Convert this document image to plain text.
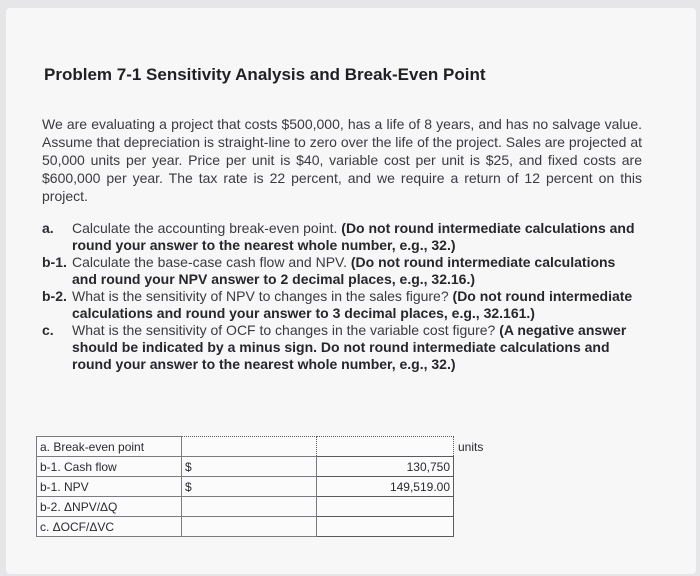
Problem 7-1 Sensitivity Analysis and Break-Even Point
We are evaluating a project that costs $500,000, has a life of 8 years, and has no salvage value. Assume that depreciation is straight-line to zero over the life of the project. Sales are projected at 50,000 units per year. Price per unit is $40, variable cost per unit is $25, and fixed costs are $600,000 per year. The tax rate is 22 percent, and we require a return of 12 percent on this project.
a. Calculate the accounting break-even point. (Do not round intermediate calculations and round your answer to the nearest whole number, e.g., 32.)
b-1. Calculate the base-case cash flow and NPV. (Do not round intermediate calculations and round your NPV answer to 2 decimal places, e.g., 32.16.)
b-2. What is the sensitivity of NPV to changes in the sales figure? (Do not round intermediate calculations and round your answer to 3 decimal places, e.g., 32.161.)
c. What is the sensitivity of OCF to changes in the variable cost figure? (A negative answer should be indicated by a minus sign. Do not round intermediate calculations and round your answer to the nearest whole number, e.g., 32.)
a. Break-even point			units
b-1. Cash flow	$	130,750	
b-1. NPV	$	149,519.00	
b-2. ΔNPV/ΔQ			
c. ΔOCF/ΔVC			
